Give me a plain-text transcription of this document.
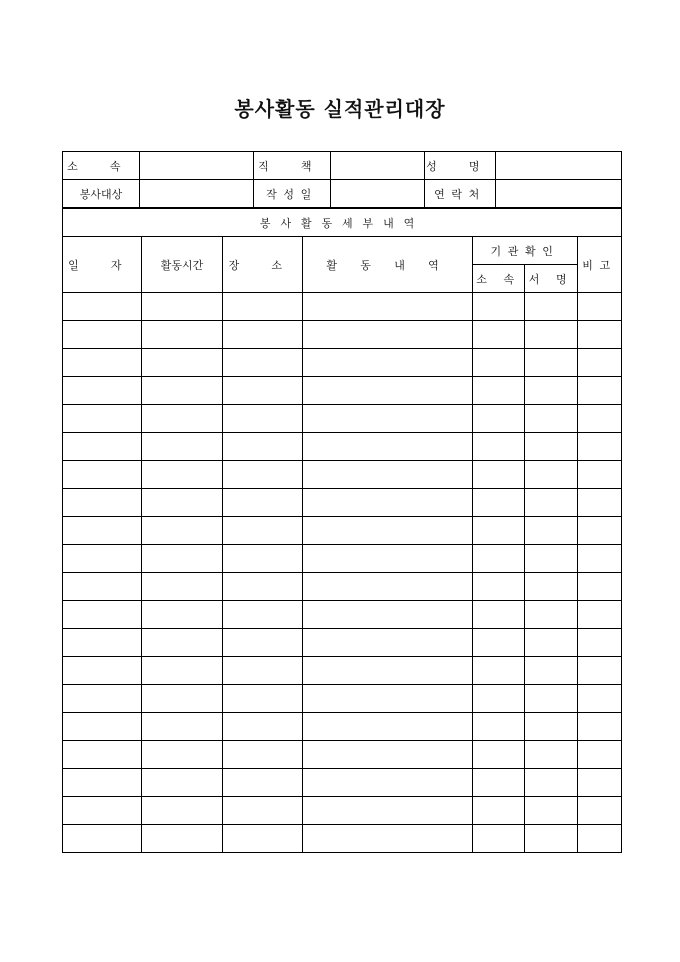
봉사활동 실적관리대장
소 속		직 책		성 명	
봉사대상		작성일		연락처	
봉사활동세부내역						
일 자	활동시간	장 소	활 동 내 역	기관확인		비고
				소 속	서 명	
